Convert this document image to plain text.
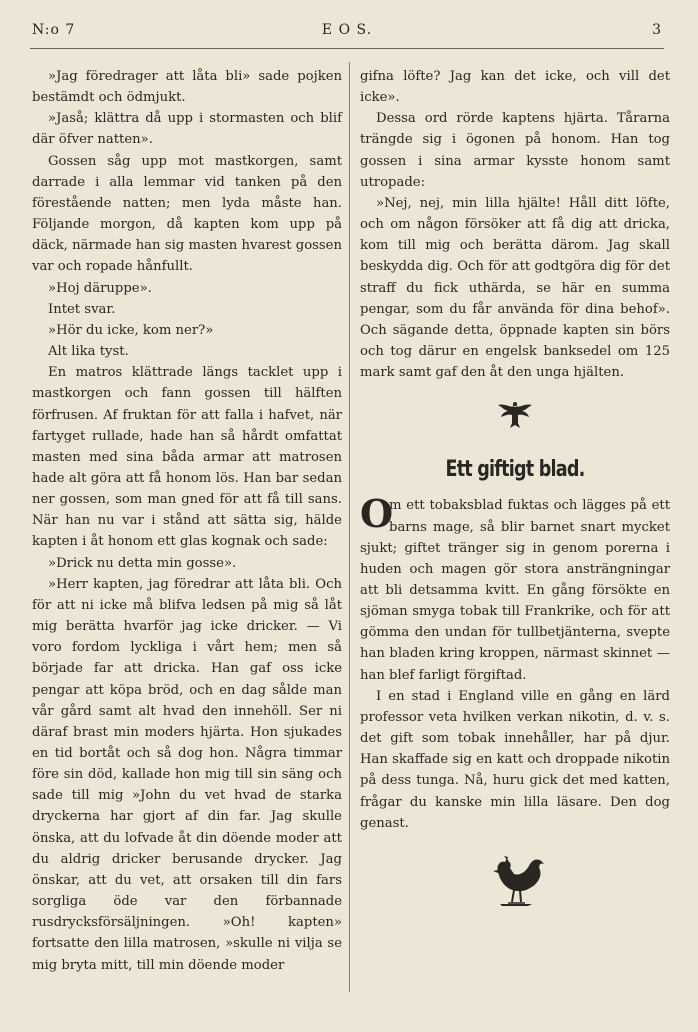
N:o 7	E O S.	3

»Jag föredrager att låta bli» sade pojken bestämdt och ödmjukt.

»Jaså; klättra då upp i stormasten och blif där öfver natten».

Gossen såg upp mot mastkorgen, samt darrade i alla lemmar vid tanken på den förestående natten; men lyda måste han. Följande morgon, då kapten kom upp på däck, närmade han sig masten hvarest gossen var och ropade hånfullt.

»Hoj däruppe».

Intet svar.

»Hör du icke, kom ner?»

Alt lika tyst.

En matros klättrade längs tacklet upp i mastkorgen och fann gossen till hälften förfrusen. Af fruktan för att falla i hafvet, när fartyget rullade, hade han så hårdt omfattat masten med sina båda armar att matrosen hade alt göra att få honom lös. Han bar sedan ner gossen, som man gned för att få till sans. När han nu var i stånd att sätta sig, hälde kapten i åt honom ett glas kognak och sade:

»Drick nu detta min gosse».

»Herr kapten, jag föredrar att låta bli. Och för att ni icke må blifva ledsen på mig så låt mig berätta hvarför jag icke dricker. — Vi voro fordom lyckliga i vårt hem; men så började far att dricka. Han gaf oss icke pengar att köpa bröd, och en dag sålde man vår gård samt alt hvad den innehöll. Ser ni däraf brast min moders hjärta. Hon sjukades en tid bortåt och så dog hon. Några timmar före sin död, kallade hon mig till sin säng och sade till mig »John du vet hvad de starka dryckerna har gjort af din far. Jag skulle önska, att du lofvade åt din döende moder att du aldrig dricker berusande drycker. Jag önskar, att du vet, att orsaken till din fars sorgliga öde var den förbannade rusdrycksförsäljningen. »Oh! kapten» fortsatte den lilla matrosen, »skulle ni vilja se mig bryta mitt, till min döende moder

gifna löfte? Jag kan det icke, och vill det icke».

Dessa ord rörde kaptens hjärta. Tårarna trängde sig i ögonen på honom. Han tog gossen i sina armar kysste honom samt utropade:

»Nej, nej, min lilla hjälte! Håll ditt löfte, och om någon försöker att få dig att dricka, kom till mig och berätta därom. Jag skall beskydda dig. Och för att godtgöra dig för det straff du fick uthärda, se här en summa pengar, som du får använda för dina behof». Och sägande detta, öppnade kapten sin börs och tog därur en engelsk banksedel om 125 mark samt gaf den åt den unga hjälten.

Ett giftigt blad.

O
m ett tobaksblad fuktas och lägges på ett barns mage, så blir barnet snart mycket sjukt; giftet tränger sig in genom porerna i huden och magen gör stora ansträngningar att bli detsamma kvitt. En gång försökte en sjöman smyga tobak till Frankrike, och för att gömma den undan för tullbetjänterna, svepte han bladen kring kroppen, närmast skinnet — han blef farligt förgiftad.

I en stad i England ville en gång en lärd professor veta hvilken verkan nikotin, d. v. s. det gift som tobak innehåller, har på djur. Han skaffade sig en katt och droppade nikotin på dess tunga. Nå, huru gick det med katten, frågar du kanske min lilla läsare. Den dog genast.
